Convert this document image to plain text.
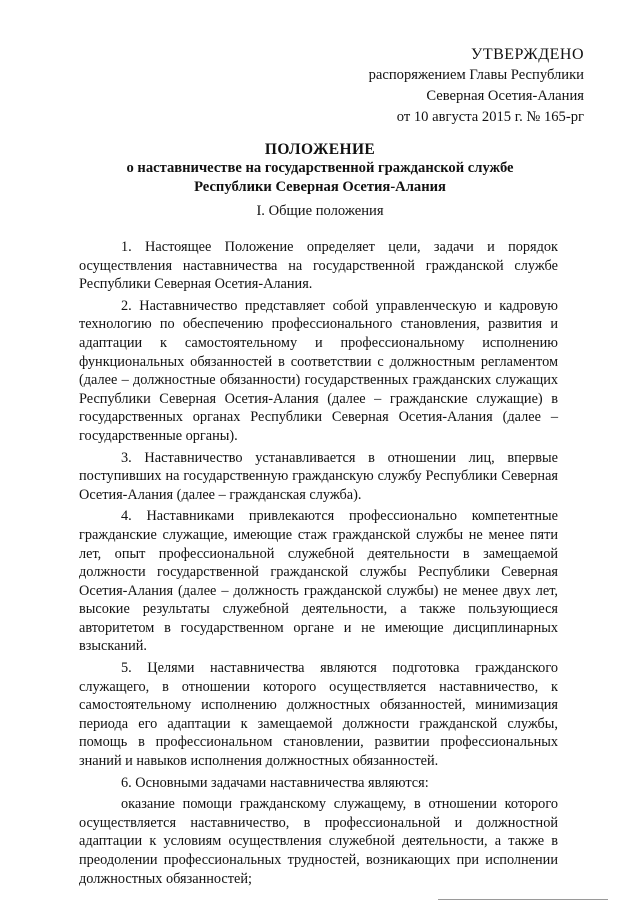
УТВЕРЖДЕНО
распоряжением Главы Республики
Северная Осетия-Алания
от 10 августа 2015 г. № 165-рг
ПОЛОЖЕНИЕ
о наставничестве на государственной гражданской службе
Республики Северная Осетия-Алания
I. Общие положения

1. Настоящее Положение определяет цели, задачи и порядок осуществления наставничества на государственной гражданской службе Республики Северная Осетия-Алания.

2. Наставничество представляет собой управленческую и кадровую технологию по обеспечению профессионального становления, развития и адаптации к самостоятельному и профессиональному исполнению функциональных обязанностей в соответствии с должностным регламентом (далее – должностные обязанности) государственных гражданских служащих Республики Северная Осетия-Алания (далее – гражданские служащие) в государственных органах Республики Северная Осетия-Алания (далее – государственные органы).

3. Наставничество устанавливается в отношении лиц, впервые поступивших на государственную гражданскую службу Республики Северная Осетия-Алания (далее – гражданская служба).

4. Наставниками привлекаются профессионально компетентные гражданские служащие, имеющие стаж гражданской службы не менее пяти лет, опыт профессиональной служебной деятельности в замещаемой должности государственной гражданской службы Республики Северная Осетия-Алания (далее – должность гражданской службы) не менее двух лет, высокие результаты служебной деятельности, а также пользующиеся авторитетом в государственном органе и не имеющие дисциплинарных взысканий.

5. Целями наставничества являются подготовка гражданского служащего, в отношении которого осуществляется наставничество, к самостоятельному исполнению должностных обязанностей, минимизация периода его адаптации к замещаемой должности гражданской службы, помощь в профессиональном становлении, развитии профессиональных знаний и навыков исполнения должностных обязанностей.

6. Основными задачами наставничества являются:

оказание помощи гражданскому служащему, в отношении которого осуществляется наставничество, в профессиональной и должностной адаптации к условиям осуществления служебной деятельности, а также в преодолении профессиональных трудностей, возникающих при исполнении должностных обязанностей;
